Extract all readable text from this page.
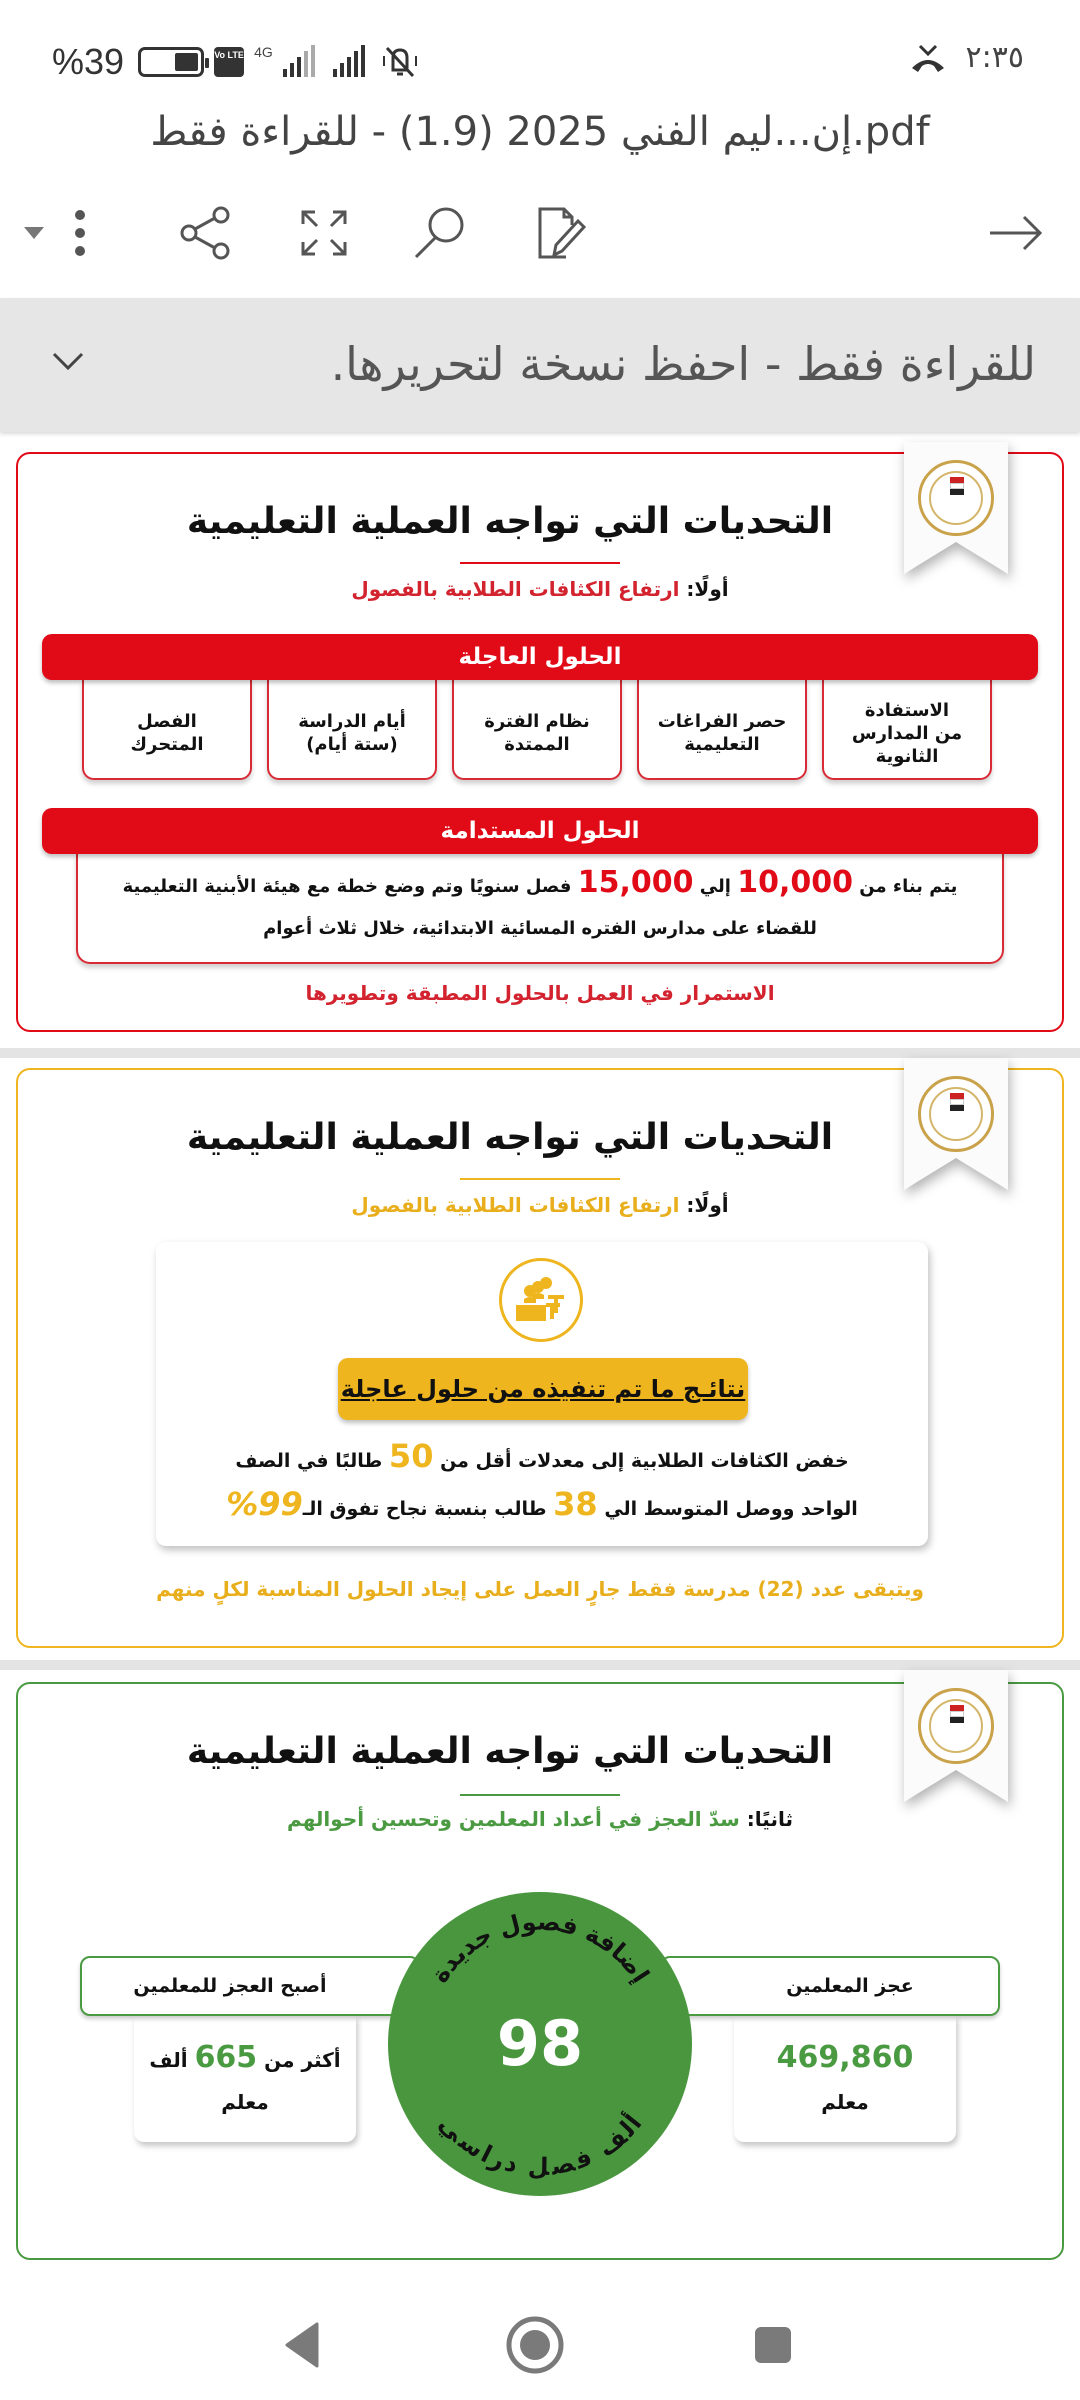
%39	Vo LTE 4G	٢:٣٥
pdf.إن...ليم الفني 2025 (1.9) - للقراءة فقط
للقراءة فقط - احفظ نسخة لتحريرها.
التحديات التي تواجه العملية التعليمية
أولًا: ارتفاع الكثافات الطلابية بالفصول
الاستفادة
من المدارس
الثانوية
حصر الفراغات
التعليمية
نظام الفترة
الممتدة
أيام الدراسة
(ستة أيام)
الفصل
المتحرك
الحلول العاجلة
يتم بناء من 10,000 إلي 15,000 فصل سنويًا وتم وضع خطة مع هيئة الأبنية التعليمية للقضاء على مدارس الفتره المسائية الابتدائية، خلال ثلاث أعوام
الحلول المستدامة
الاستمرار في العمل بالحلول المطبقة وتطويرها
التحديات التي تواجه العملية التعليمية
أولًا: ارتفاع الكثافات الطلابية بالفصول
نتائـج ما تم تنفيذه من حلول عاجلة
خفض الكثافات الطلابية إلى معدلات أقل من 50 طالبًا في الصف
الواحد ووصل المتوسط الي 38 طالب بنسبة نجاح تفوق الـ99%
ويتبقى عدد (22) مدرسة فقط جارٍ العمل على إيجاد الحلول المناسبة لكلٍ منهم
التحديات التي تواجه العملية التعليمية
ثانيًا: سدّ العجز في أعداد المعلمين وتحسين أحوالهم
469,860
معلم
عجز المعلمين
أكثر من 665 ألف
معلم
أصبح العجز للمعلمين	إضافة فصول جديدة
ألف فصل دراسي
98
